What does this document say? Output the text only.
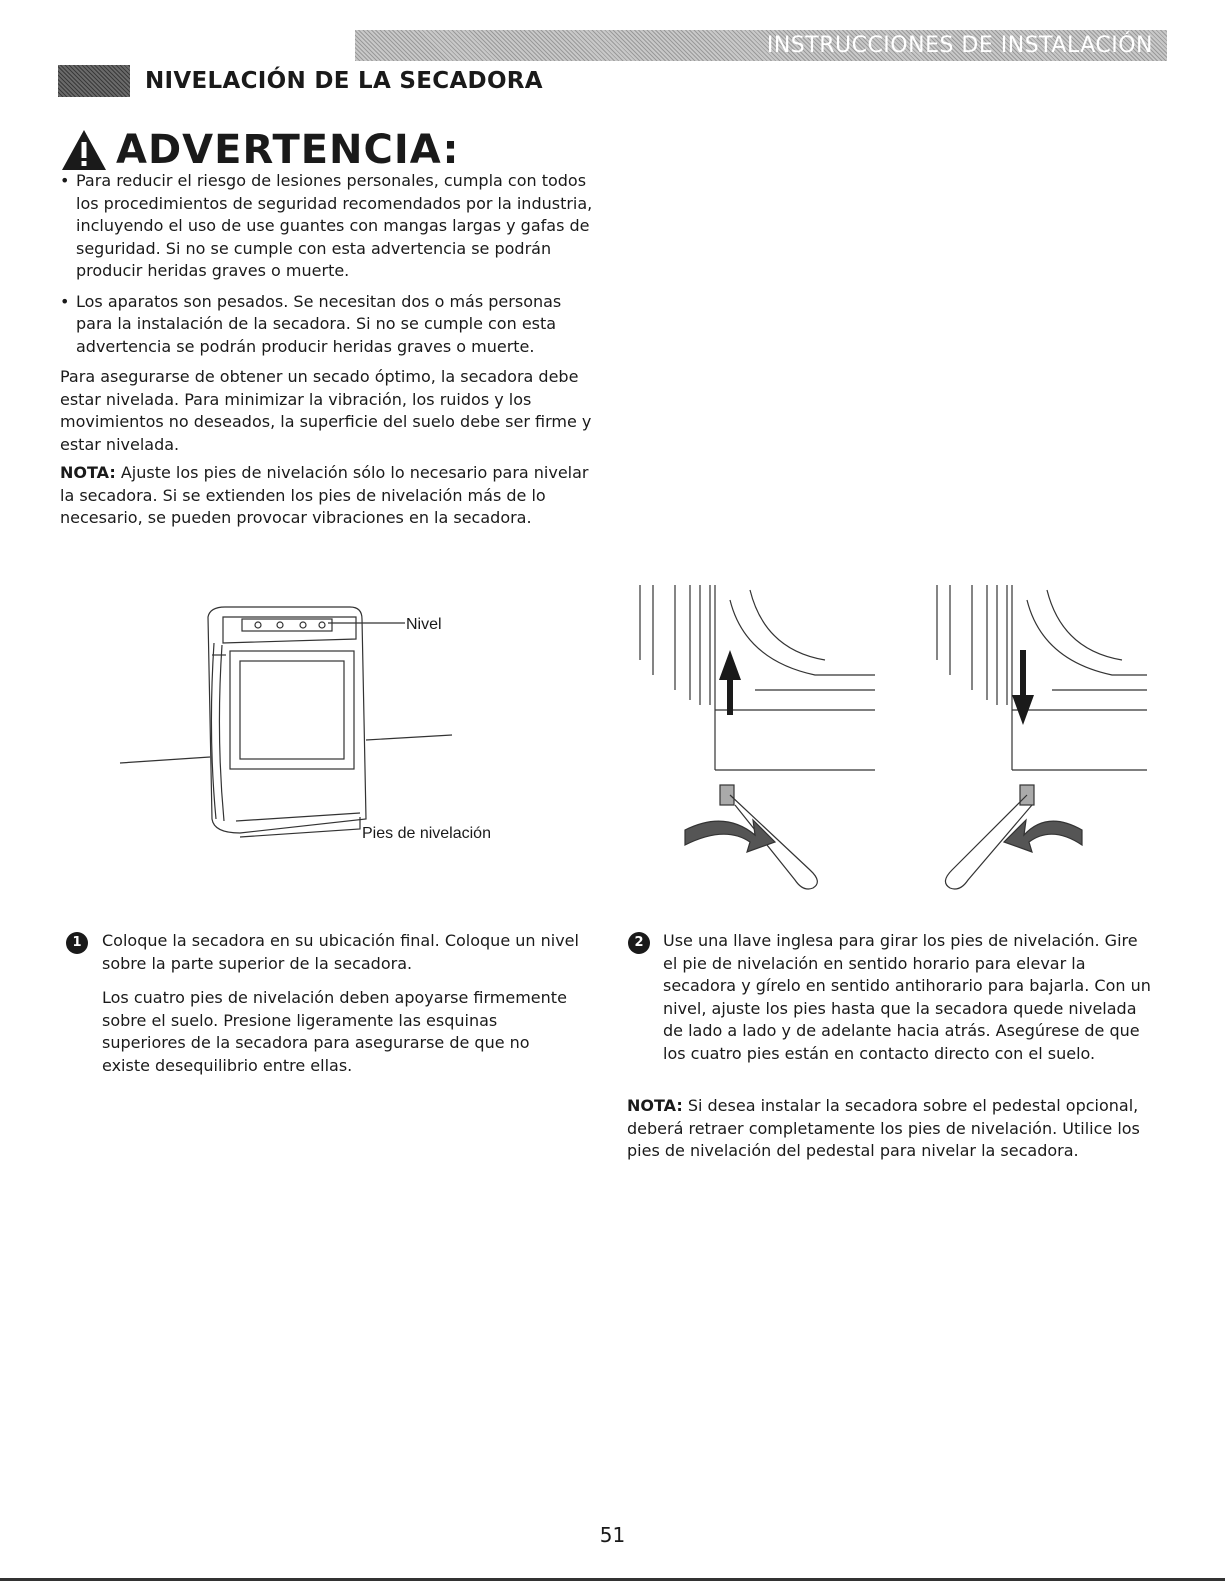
INSTRUCCIONES DE INSTALACIÓN
NIVELACIÓN DE LA SECADORA
ADVERTENCIA:
• Para reducir el riesgo de lesiones personales, cumpla con todos los procedimientos de seguridad recomendados por la industria, incluyendo el uso de use guantes con mangas largas y gafas de seguridad. Si no se cumple con esta advertencia se podrán producir heridas graves o muerte.
• Los aparatos son pesados. Se necesitan dos o más personas para la instalación de la secadora. Si no se cumple con esta advertencia se podrán producir heridas graves o muerte.

Para asegurarse de obtener un secado óptimo, la secadora debe estar nivelada. Para minimizar la vibración, los ruidos y los movimientos no deseados, la superficie del suelo debe ser firme y estar nivelada.

NOTA: Ajuste los pies de nivelación sólo lo necesario para nivelar la secadora. Si se extienden los pies de nivelación más de lo necesario, se pueden provocar vibraciones en la secadora.

Nivel
Pies de nivelación
1	Coloque la secadora en su ubicación final. Coloque un nivel sobre la parte superior de la secadora.

Los cuatro pies de nivelación deben apoyarse firmemente sobre el suelo. Presione ligeramente las esquinas superiores de la secadora para asegurarse de que no existe desequilibrio entre ellas.

2	Use una llave inglesa para girar los pies de nivelación. Gire el pie de nivelación en sentido horario para elevar la secadora y gírelo en sentido antihorario para bajarla. Con un nivel, ajuste los pies hasta que la secadora quede nivelada de lado a lado y de adelante hacia atrás. Asegúrese de que los cuatro pies están en contacto directo con el suelo.

NOTA: Si desea instalar la secadora sobre el pedestal opcional, deberá retraer completamente los pies de nivelación. Utilice los pies de nivelación del pedestal para nivelar la secadora.

51
